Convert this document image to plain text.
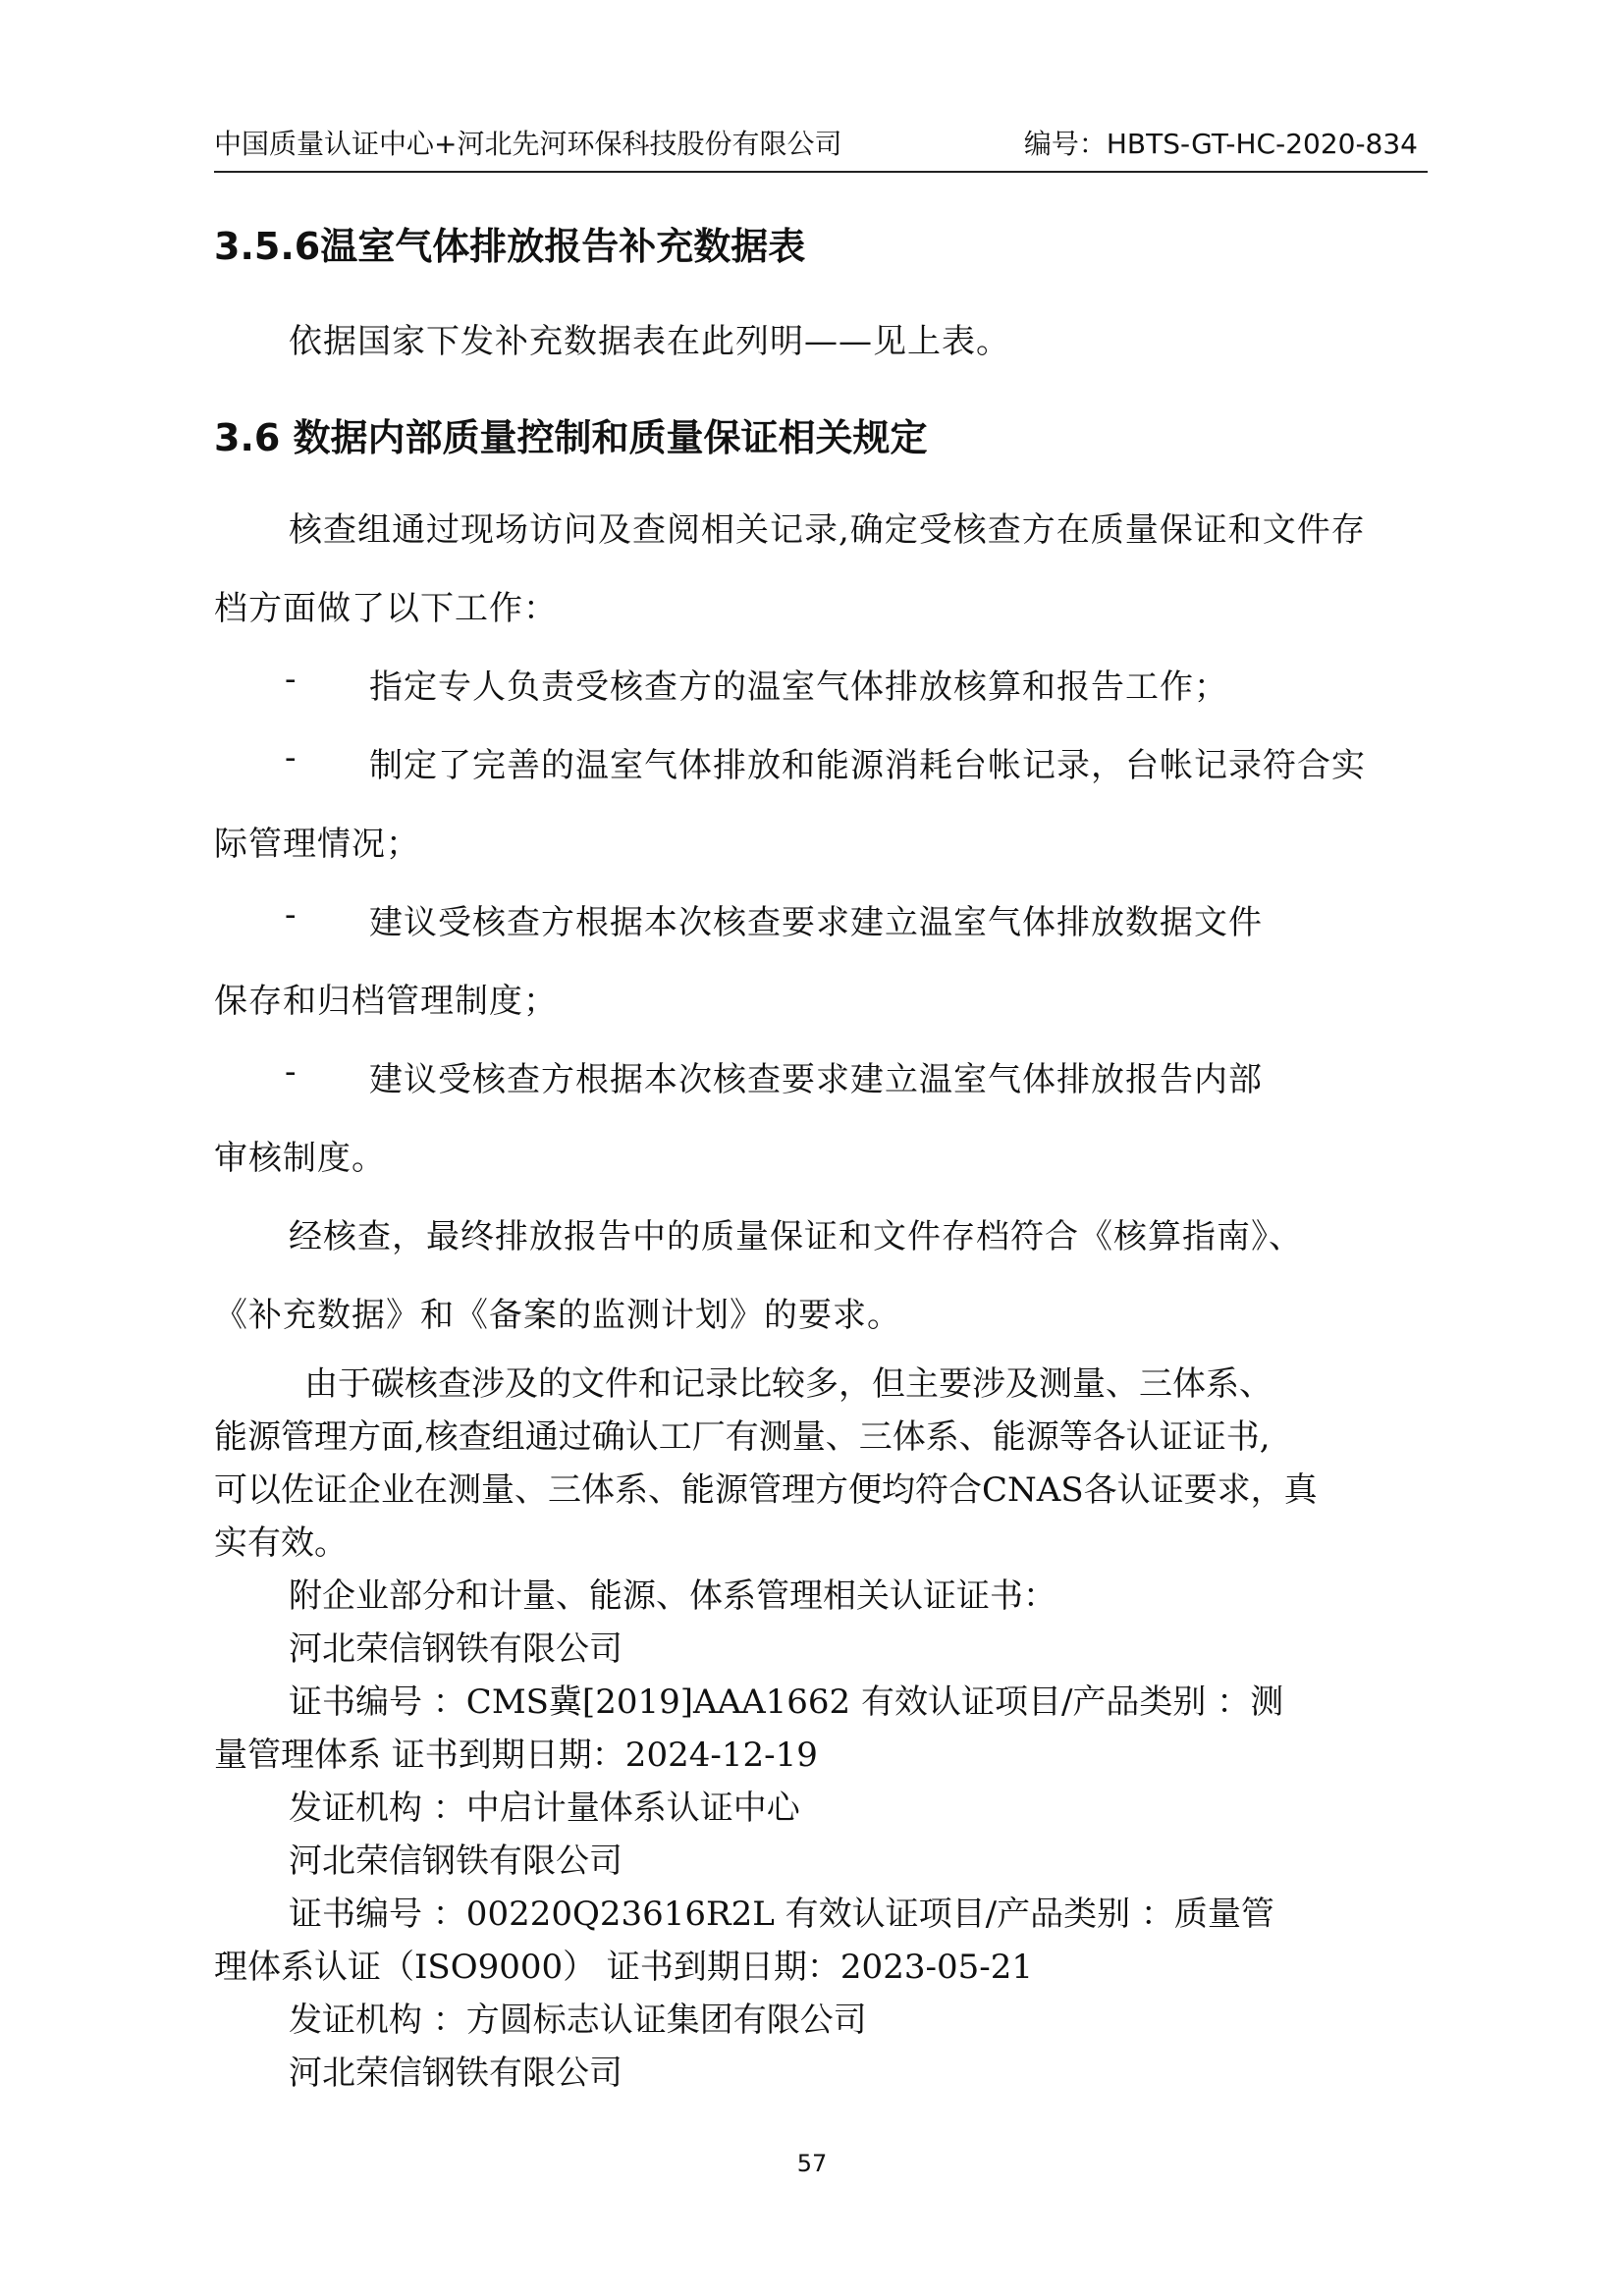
中国质量认证中心+河北先河环保科技股份有限公司	编号：HBTS-GT-HC-2020-834
3.5.6温室气体排放报告补充数据表
依据国家下发补充数据表在此列明——见上表。
3.6 数据内部质量控制和质量保证相关规定
核查组通过现场访问及查阅相关记录,确定受核查方在质量保证和文件存
档方面做了以下工作：
- 指定专人负责受核查方的温室气体排放核算和报告工作；
- 制定了完善的温室气体排放和能源消耗台帐记录，台帐记录符合实
际管理情况；
- 建议受核查方根据本次核查要求建立温室气体排放数据文件
保存和归档管理制度；
- 建议受核查方根据本次核查要求建立温室气体排放报告内部
审核制度。
经核查，最终排放报告中的质量保证和文件存档符合《核算指南》、
《补充数据》和《备案的监测计划》的要求。
由于碳核查涉及的文件和记录比较多，但主要涉及测量、三体系、
能源管理方面,核查组通过确认工厂有测量、三体系、能源等各认证证书,
可以佐证企业在测量、三体系、能源管理方便均符合CNAS各认证要求，真
实有效。
附企业部分和计量、能源、体系管理相关认证证书：
河北荣信钢铁有限公司
证书编号 ：CMS冀[2019]AAA1662 有效认证项目/产品类别 ：测
量管理体系 证书到期日期：2024-12-19
发证机构 ：中启计量体系认证中心
河北荣信钢铁有限公司
证书编号 ：00220Q23616R2L 有效认证项目/产品类别 ：质量管
理体系认证（ISO9000） 证书到期日期：2023-05-21
发证机构 ：方圆标志认证集团有限公司
河北荣信钢铁有限公司
57
